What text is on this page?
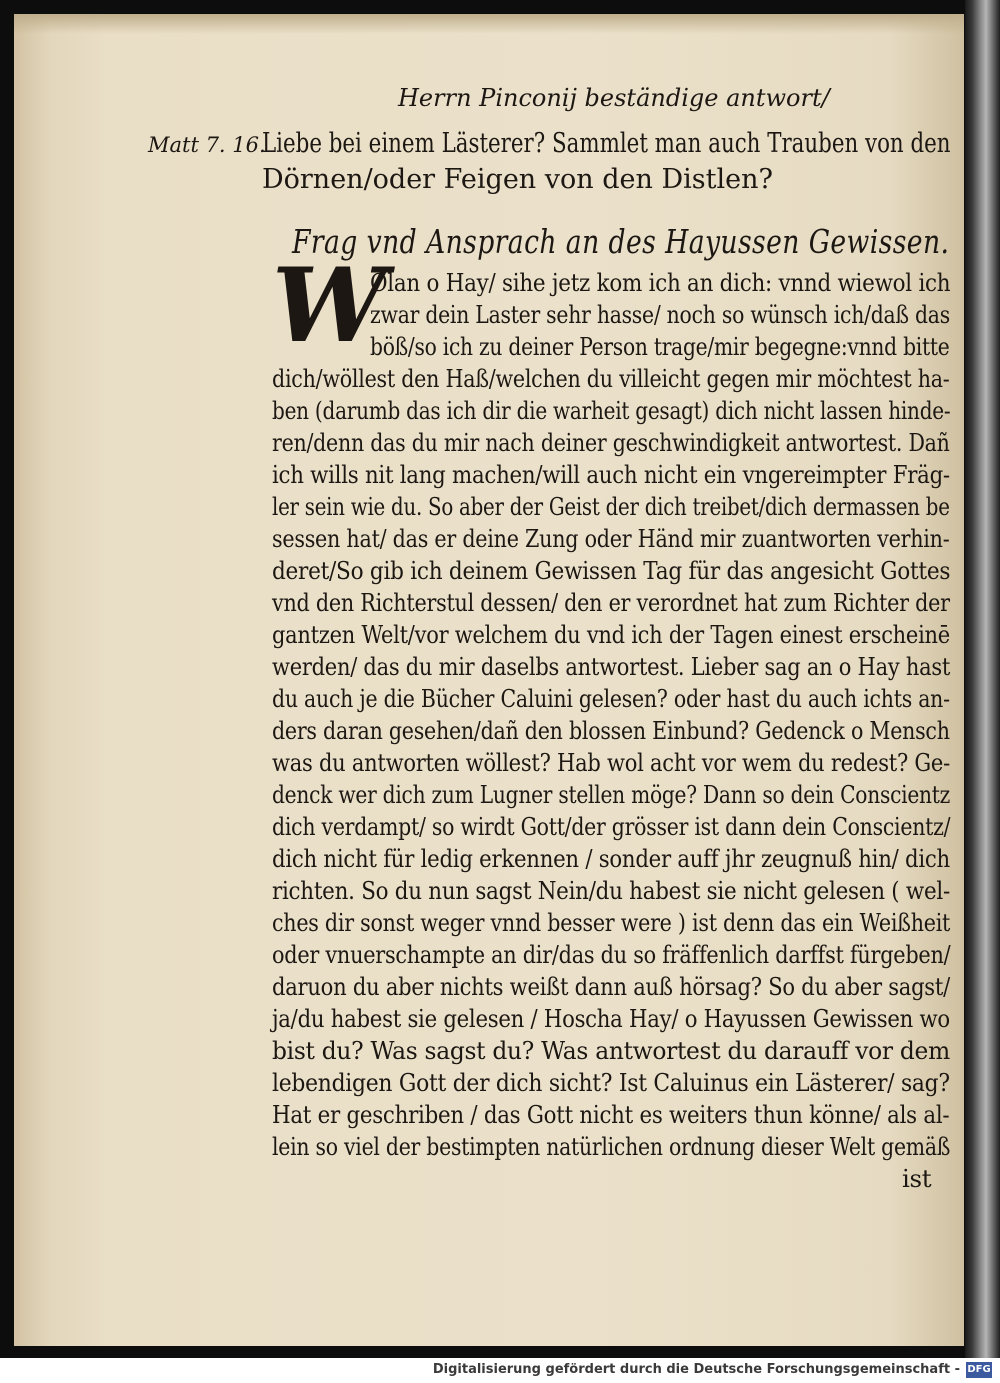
Herrn Pinconij beständige antwort/
Matt 7. 16.
Liebe bei einem Lästerer? Sammlet man auch Trauben von den
Dörnen/oder Feigen von den Distlen?
Frag vnd Ansprach an des Hayussen Gewissen.
W
Olan o Hay/ sihe jetz kom ich an dich: vnnd wiewol ich
zwar dein Laster sehr hasse/ noch so wünsch ich/daß das
böß/so ich zu deiner Person trage/mir begegne:vnnd bitte
dich/wöllest den Haß/welchen du villeicht gegen mir möchtest ha-
ben (darumb das ich dir die warheit gesagt) dich nicht lassen hinde-
ren/denn das du mir nach deiner geschwindigkeit antwortest. Dañ
ich wills nit lang machen/will auch nicht ein vngereimpter Fräg-
ler sein wie du. So aber der Geist der dich treibet/dich dermassen be
sessen hat/ das er deine Zung oder Händ mir zuantworten verhin-
deret/So gib ich deinem Gewissen Tag für das angesicht Gottes
vnd den Richterstul dessen/ den er verordnet hat zum Richter der
gantzen Welt/vor welchem du vnd ich der Tagen einest erscheinē
werden/ das du mir daselbs antwortest. Lieber sag an o Hay hast
du auch je die Bücher Caluini gelesen? oder hast du auch ichts an-
ders daran gesehen/dañ den blossen Einbund? Gedenck o Mensch
was du antworten wöllest? Hab wol acht vor wem du redest? Ge-
denck wer dich zum Lugner stellen möge? Dann so dein Conscientz
dich verdampt/ so wirdt Gott/der grösser ist dann dein Conscientz/
dich nicht für ledig erkennen / sonder auff jhr zeugnuß hin/ dich
richten. So du nun sagst Nein/du habest sie nicht gelesen ( wel-
ches dir sonst weger vnnd besser were ) ist denn das ein Weißheit
oder vnuerschampte an dir/das du so fräffenlich darffst fürgeben/
daruon du aber nichts weißt dann auß hörsag? So du aber sagst/
ja/du habest sie gelesen / Hoscha Hay/ o Hayussen Gewissen wo
bist du? Was sagst du? Was antwortest du darauff vor dem
lebendigen Gott der dich sicht? Ist Caluinus ein Lästerer/ sag?
Hat er geschriben / das Gott nicht es weiters thun könne/ als al-
lein so viel der bestimpten natürlichen ordnung dieser Welt gemäß
ist
Digitalisierung gefördert durch die Deutsche Forschungsgemeinschaft - DFG
